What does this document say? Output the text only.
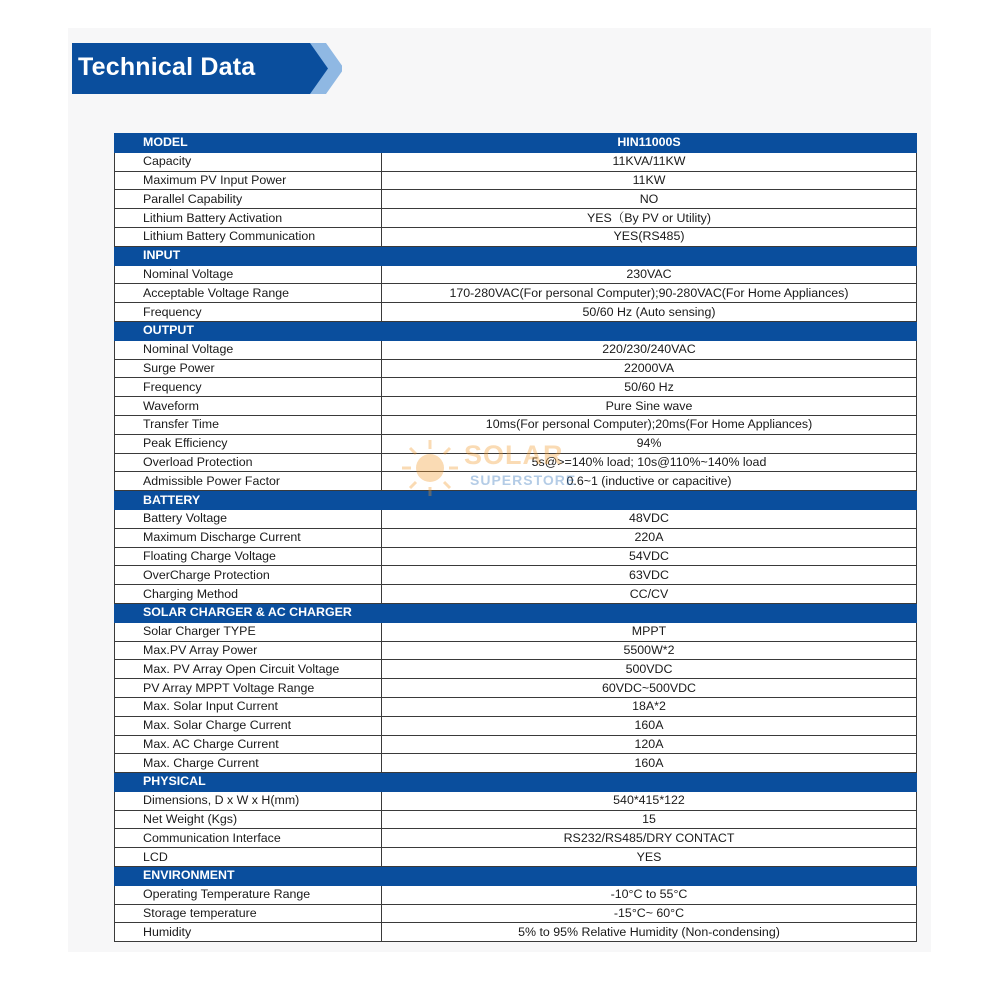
Technical Data
MODEL	HIN11000S
Capacity	11KVA/11KW
Maximum PV Input Power	11KW
Parallel Capability	NO
Lithium Battery Activation	YES（By PV or Utility)
Lithium Battery Communication	YES(RS485)
INPUT	
Nominal Voltage	230VAC
Acceptable Voltage Range	170-280VAC(For personal Computer);90-280VAC(For Home Appliances)
Frequency	50/60 Hz (Auto sensing)
OUTPUT	
Nominal Voltage	220/230/240VAC
Surge Power	22000VA
Frequency	50/60 Hz
Waveform	Pure Sine wave
Transfer Time	10ms(For personal Computer);20ms(For Home Appliances)
Peak Efficiency	94%
Overload Protection	5s@>=140% load; 10s@110%~140% load
Admissible Power Factor	0.6~1 (inductive or capacitive)
BATTERY	
Battery Voltage	48VDC
Maximum Discharge Current	220A
Floating Charge Voltage	54VDC
OverCharge Protection	63VDC
Charging Method	CC/CV
SOLAR CHARGER & AC CHARGER	
Solar Charger TYPE	MPPT
Max.PV Array Power	5500W*2
Max. PV Array Open Circuit Voltage	500VDC
PV Array MPPT Voltage Range	60VDC~500VDC
Max. Solar Input Current	18A*2
Max. Solar Charge Current	160A
Max. AC Charge Current	120A
Max. Charge Current	160A
PHYSICAL	
Dimensions, D x W x H(mm)	540*415*122
Net Weight (Kgs)	15
Communication Interface	RS232/RS485/DRY CONTACT
LCD	YES
ENVIRONMENT	
Operating Temperature Range	-10°C to 55°C
Storage temperature	-15°C~ 60°C
Humidity	5% to 95% Relative Humidity (Non-condensing)
SOLAR
SUPERSTORE
